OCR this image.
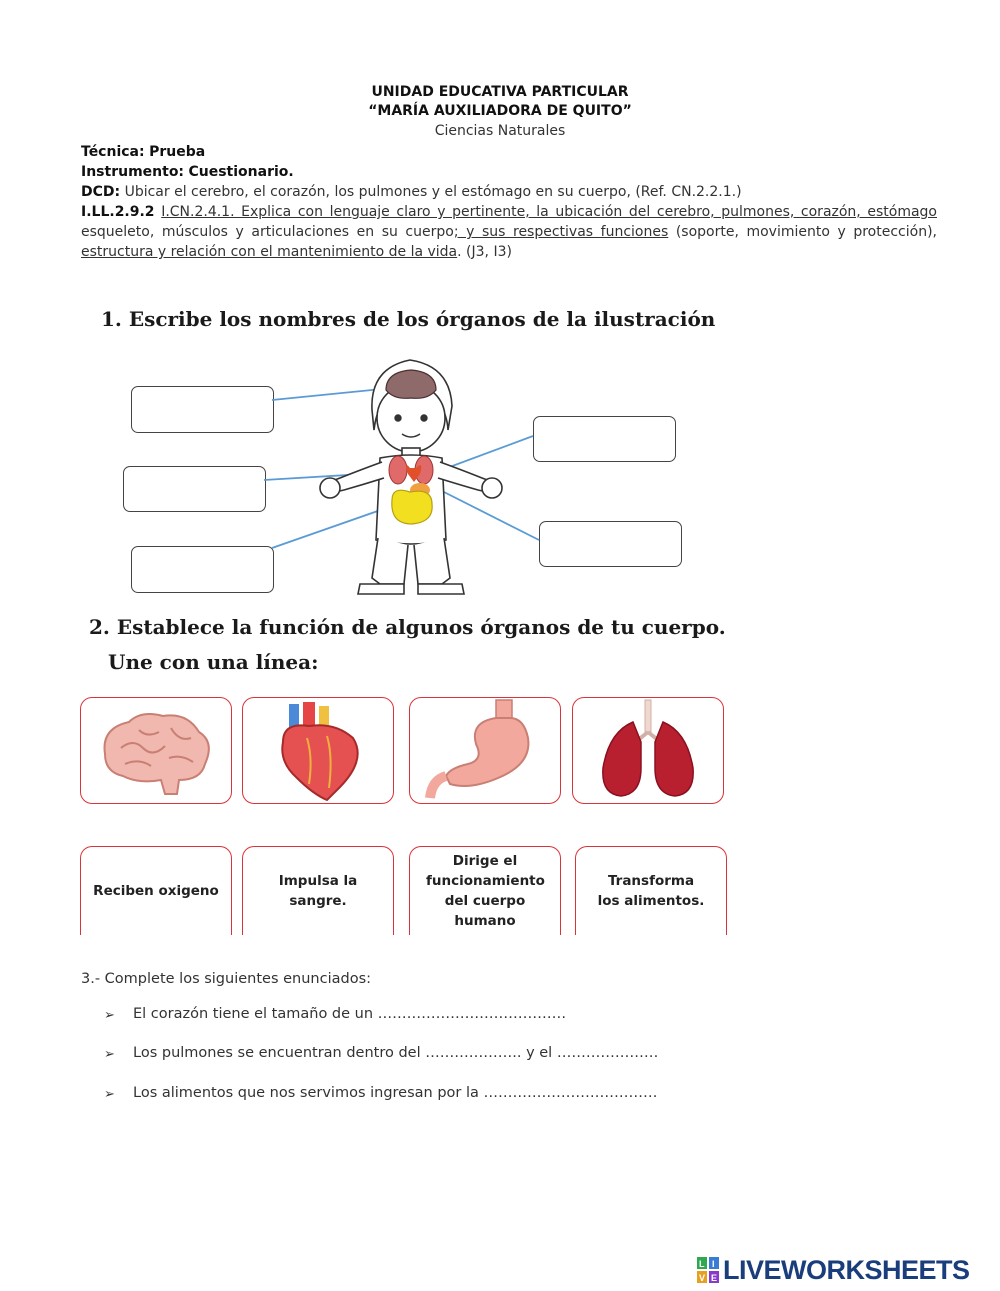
UNIDAD EDUCATIVA PARTICULAR
“MARÍA AUXILIADORA DE QUITO”
Ciencias Naturales
Técnica: Prueba
Instrumento: Cuestionario.
DCD: Ubicar el cerebro, el corazón, los pulmones y el estómago en su cuerpo, (Ref. CN.2.2.1.)
I.LL.2.9.2 I.CN.2.4.1. Explica con lenguaje claro y pertinente, la ubicación del cerebro, pulmones, corazón, estómago esqueleto, músculos y articulaciones en su cuerpo; y sus respectivas funciones (soporte, movimiento y protección), estructura y relación con el mantenimiento de la vida. (J3, I3)
1. Escribe los nombres de los órganos de la ilustración
2. Establece la función de algunos órganos de tu cuerpo.
Une con una línea:
Reciben oxigeno
Impulsa la sangre.
Dirige el funcionamiento del cuerpo humano
Transforma los alimentos.
3.- Complete los siguientes enunciados:
➢ El corazón tiene el tamaño de un …………………………………
➢ Los pulmones se encuentran dentro del ……………….. y el …………………
➢ Los alimentos que nos servimos ingresan por la ………………………………
L I
V E LIVEWORKSHEETS
